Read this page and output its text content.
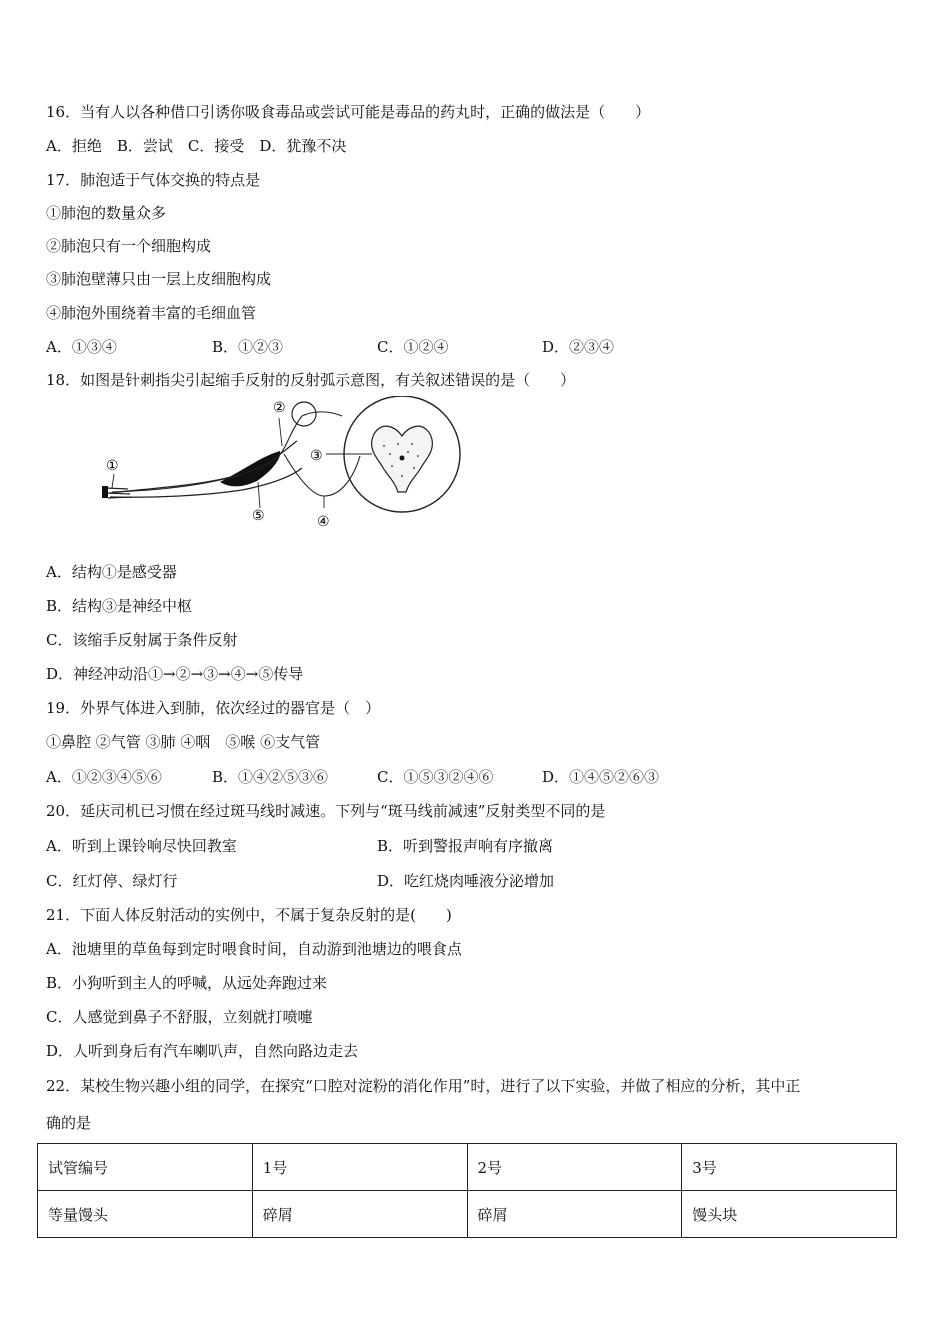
16．当有人以各种借口引诱你吸食毒品或尝试可能是毒品的药丸时，正确的做法是（　　）
A．拒绝　B．尝试　C．接受　D．犹豫不决
17．肺泡适于气体交换的特点是
①肺泡的数量众多
②肺泡只有一个细胞构成
③肺泡壁薄只由一层上皮细胞构成
④肺泡外围绕着丰富的毛细血管
A．①③④	B．①②③	C．①②④	D．②③④
18．如图是针刺指尖引起缩手反射的反射弧示意图，有关叙述错误的是（　　）
①
②
③
④
⑤
A．结构①是感受器
B．结构③是神经中枢
C．该缩手反射属于条件反射
D．神经冲动沿①→②→③→④→⑤传导
19．外界气体进入到肺，依次经过的器官是（　）
①鼻腔 ②气管 ③肺 ④咽　⑤喉 ⑥支气管
A．①②③④⑤⑥	B．①④②⑤③⑥	C．①⑤③②④⑥	D．①④⑤②⑥③
20．延庆司机已习惯在经过斑马线时减速。下列与“斑马线前减速”反射类型不同的是
A．听到上课铃响尽快回教室	B．听到警报声响有序撤离
C．红灯停、绿灯行	D．吃红烧肉唾液分泌增加
21．下面人体反射活动的实例中，不属于复杂反射的是(　　)
A．池塘里的草鱼每到定时喂食时间，自动游到池塘边的喂食点
B．小狗听到主人的呼喊，从远处奔跑过来
C．人感觉到鼻子不舒服，立刻就打喷嚏
D．人听到身后有汽车喇叭声，自然向路边走去
22．某校生物兴趣小组的同学，在探究“口腔对淀粉的消化作用”时，进行了以下实验，并做了相应的分析，其中正
确的是
试管编号	1号	2号	3号
等量馒头	碎屑	碎屑	馒头块
